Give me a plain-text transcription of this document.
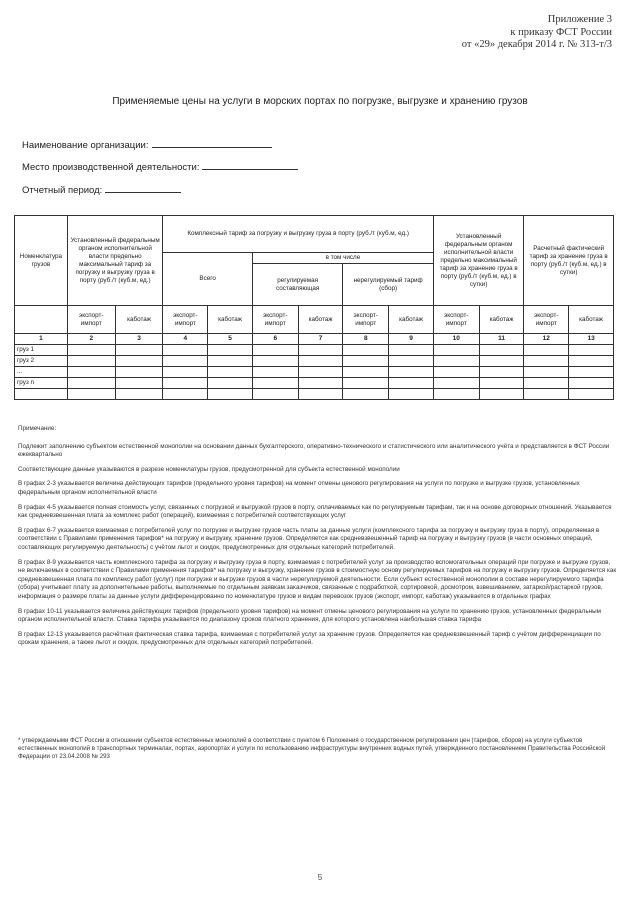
Приложение 3
к приказу ФСТ России
от «29» декабря 2014 г. № 313-т/3
Применяемые цены на услуги в морских портах по погрузке, выгрузке и хранению грузов
Наименование организации:
Место производственной деятельности:
Отчетный период:
Номенклатура грузов	Установленный федеральным органом исполнительной власти предельно максимальный тариф за погрузку и выгрузку груза в порту (руб./т (куб.м, ед.)		Комплексный тариф за погрузку и выгрузку груза в порту (руб./т (куб.м, ед.)						Установленный федеральным органом исполнительной власти предельно максимальный тариф за хранение груза в порту (руб./т (куб.м, ед.) в сутки)		Расчетный фактический тариф за хранение груза в порту (руб./т (куб.м, ед.) в сутки)	
			Всего		в том числе							
					регулируемая составляющая		нерегулируемый тариф (сбор)					
	экспорт-импорт	каботаж	экспорт-импорт	каботаж	экспорт-импорт	каботаж	экспорт-импорт	каботаж	экспорт-импорт	каботаж	экспорт-импорт	каботаж
1	2	3	4	5	6	7	8	9	10	11	12	13
груз 1												
груз 2												
...												
груз n												

Примечание:

Подлежит заполнению субъектом естественной монополии на основании данных бухгалтерского, оперативно-технического и статистического или аналитического учёта и представляется в ФСТ России ежеквартально

Соответствующие данные указываются в разрезе номенклатуры грузов, предусмотренной для субъекта естественной монополии

В графах 2-3 указывается величина действующих тарифов (предельного уровня тарифов) на момент отмены ценового регулирования на услуги по погрузке и выгрузке грузов, установленных федеральным органом исполнительной власти

В графах 4-5 указывается полная стоимость услуг, связанных с погрузкой и выгрузкой грузов в порту, оплачиваемых как по регулируемым тарифам, так и на основе договорных отношений. Указывается как средневзвешенная плата за комплекс работ (операций), взимаемая с потребителей соответствующих услуг

В графах 6-7 указывается взимаемая с потребителей услуг по погрузке и выгрузке грузов часть платы за данные услуги (комплексного тарифа за погрузку и выгрузку груза в порту), определяемая в соответствии с Правилами применения тарифов* на погрузку и выгрузку, хранение грузов. Определяется как средневзвешенный тариф на погрузку и выгрузку грузов (в части основных операций, составляющих регулируемую деятельность) с учётом льгот и скидок, предусмотренных для отдельных категорий потребителей.

В графах 8-9 указывается часть комплексного тарифа за погрузку и выгрузку груза в порту, взимаемая с потребителей услуг за производство вспомогательных операций при погрузке и выгрузке грузов, не включаемых в соответствии с Правилами применения тарифов* на погрузку и выгрузку, хранение грузов в стоимостную основу регулируемых тарифов на погрузку и выгрузку грузов. Определяется как средневзвешенная плата по комплексу работ (услуг) при погрузке и выгрузке грузов в части нерегулируемой деятельности. Если субъект естественной монополии в составе нерегулируемого тарифа (сбора) учитывает плату за дополнительные работы, выполняемые по отдельным заявкам заказчиков, связанные с подработкой, сортировкой, досмотром, взвешиванием, затаркой/растаркой грузов, информация о размере платы за данные услуги дифференцированно по номенклатуре грузов и видам перевозок грузов (экспорт, импорт, каботаж) указывается в отдельных графах

В графах 10-11 указывается величина действующих тарифов (предельного уровня тарифов) на момент отмены ценового регулирования на услуги по хранению грузов, установленных федеральным органом исполнительной власти. Ставка тарифа указывается по диапазону сроков платного хранения, для которого установлена наибольшая ставка тарифа

В графах 12-13 указывается расчётная фактическая ставка тарифа, взимаемая с потребителей услуг за хранение грузов. Определяется как средневзвешенный тариф с учётом дифференциации по срокам хранения, а также льгот и скидок, предусмотренных для отдельных категорий потребителей.

* утверждаемыми ФСТ России в отношении субъектов естественных монополий в соответствии с пунктом 6 Положения о государственном регулировании цен (тарифов, сборов) на услуги субъектов естественных монополий в транспортных терминалах, портах, аэропортах и услуги по использованию инфраструктуры внутренних водных путей, утвержденного постановлением Правительства Российской Федерации от 23.04.2008 № 293
5
